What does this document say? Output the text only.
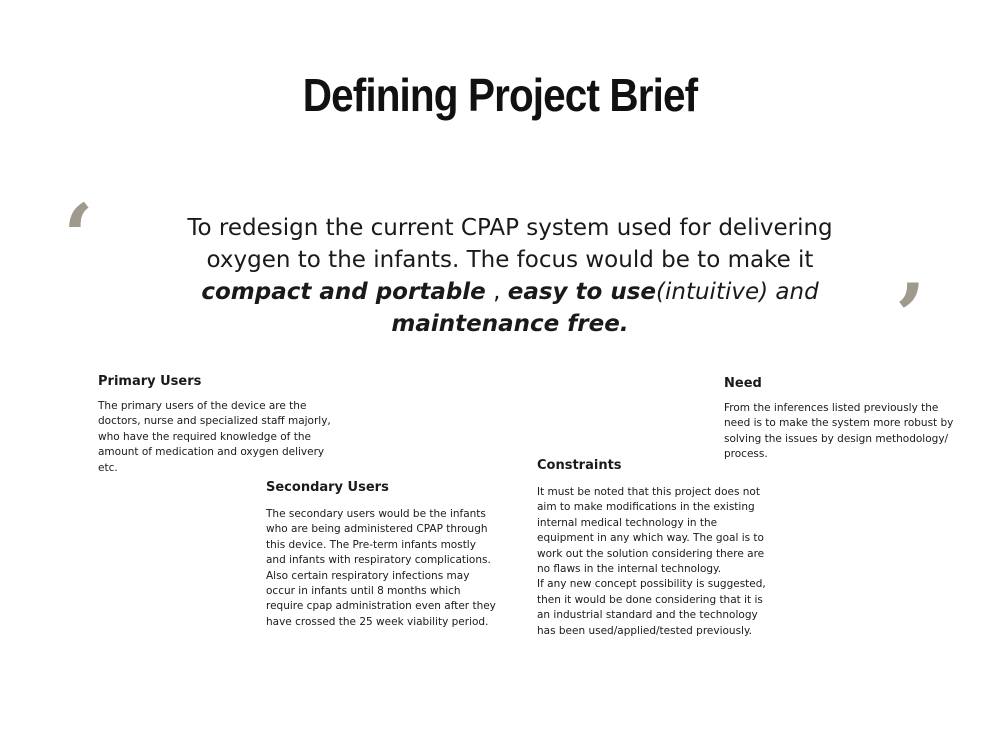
Defining Project Brief
‘
’
To redesign the current CPAP system used for delivering oxygen to the infants. The focus would be to make it compact and portable , easy to use(intuitive) and maintenance free.
Primary Users

The primary users of the device are the doctors, nurse and specialized staff majorly, who have the required knowledge of the amount of medication and oxygen delivery etc.

Secondary Users

The secondary users would be the infants who are being administered CPAP through this device. The Pre-term infants mostly and infants with respiratory complications.

Also certain respiratory infections may occur in infants until 8 months which require cpap administration even after they have crossed the 25 week viability period.

Need

From the inferences listed previously the need is to make the system more robust by solving the issues by design methodology/ process.

Constraints

It must be noted that this project does not aim to make modifications in the existing internal medical technology in the equipment in any which way. The goal is to work out the solution considering there are no flaws in the internal technology.

If any new concept possibility is suggested, then it would be done considering that it is an industrial standard and the technology has been used/applied/tested previously.
